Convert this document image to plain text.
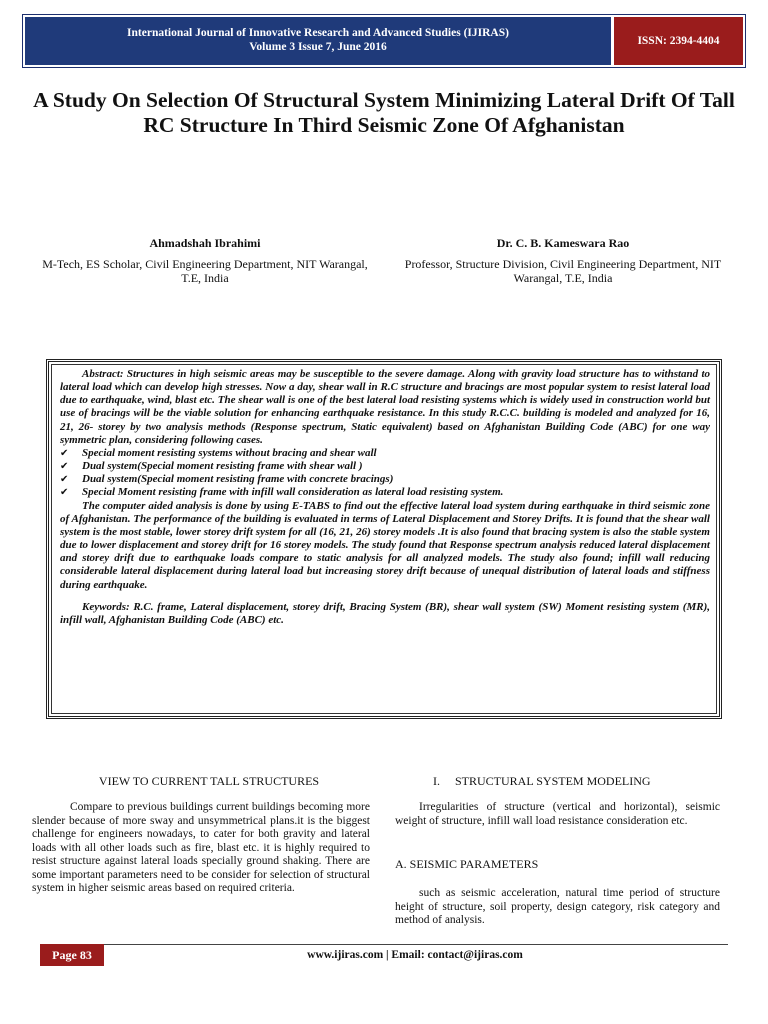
International Journal of Innovative Research and Advanced Studies (IJIRAS)
Volume 3 Issue 7, June 2016	ISSN: 2394-4404
A Study On Selection Of Structural System Minimizing Lateral Drift Of Tall RC Structure In Third Seismic Zone Of Afghanistan
Ahmadshah Ibrahimi
M-Tech, ES Scholar, Civil Engineering Department, NIT Warangal, T.E, India
Dr. C. B. Kameswara Rao
Professor, Structure Division, Civil Engineering Department, NIT Warangal, T.E, India

Abstract: Structures in high seismic areas may be susceptible to the severe damage. Along with gravity load structure has to withstand to lateral load which can develop high stresses. Now a day, shear wall in R.C structure and bracings are most popular system to resist lateral load due to earthquake, wind, blast etc. The shear wall is one of the best lateral load resisting systems which is widely used in construction world but use of bracings will be the viable solution for enhancing earthquake resistance. In this study R.C.C. building is modeled and analyzed for 16, 21, 26- storey by two analysis methods (Response spectrum, Static equivalent) based on Afghanistan Building Code (ABC) for one way symmetric plan, considering following cases.

✔ Special moment resisting systems without bracing and shear wall
✔ Dual system(Special moment resisting frame with shear wall )
✔ Dual system(Special moment resisting frame with concrete bracings)
✔ Special Moment resisting frame with infill wall consideration as lateral load resisting system.

The computer aided analysis is done by using E-TABS to find out the effective lateral load system during earthquake in third seismic zone of Afghanistan. The performance of the building is evaluated in terms of Lateral Displacement and Storey Drifts. It is found that the shear wall system is the most stable, lower storey drift system for all (16, 21, 26) storey models .It is also found that bracing system is also the stable system due to lower displacement and storey drift for 16 storey models. The study found that Response spectrum analysis reduced lateral displacement and storey drift due to earthquake loads compare to static analysis for all analyzed models. The study also found; infill wall reducing considerable lateral displacement during lateral load but increasing storey drift because of unequal distribution of lateral loads and stiffness during earthquake.

Keywords: R.C. frame, Lateral displacement, storey drift, Bracing System (BR), shear wall system (SW) Moment resisting system (MR), infill wall, Afghanistan Building Code (ABC) etc.

VIEW TO CURRENT TALL STRUCTURES
Compare to previous buildings current buildings becoming more slender because of more sway and unsymmetrical plans.it is the biggest challenge for engineers nowadays, to cater for both gravity and lateral loads with all other loads such as fire, blast etc. it is highly required to resist structure against lateral loads specially ground shaking. There are some important parameters need to be consider for selection of structural system in higher seismic areas based on required criteria.
I. STRUCTURAL SYSTEM MODELING
Irregularities of structure (vertical and horizontal), seismic weight of structure, infill wall load resistance consideration etc.
A. SEISMIC PARAMETERS
such as seismic acceleration, natural time period of structure height of structure, soil property, design category, risk category and method of analysis.
Page 83	www.ijiras.com | Email: contact@ijiras.com
